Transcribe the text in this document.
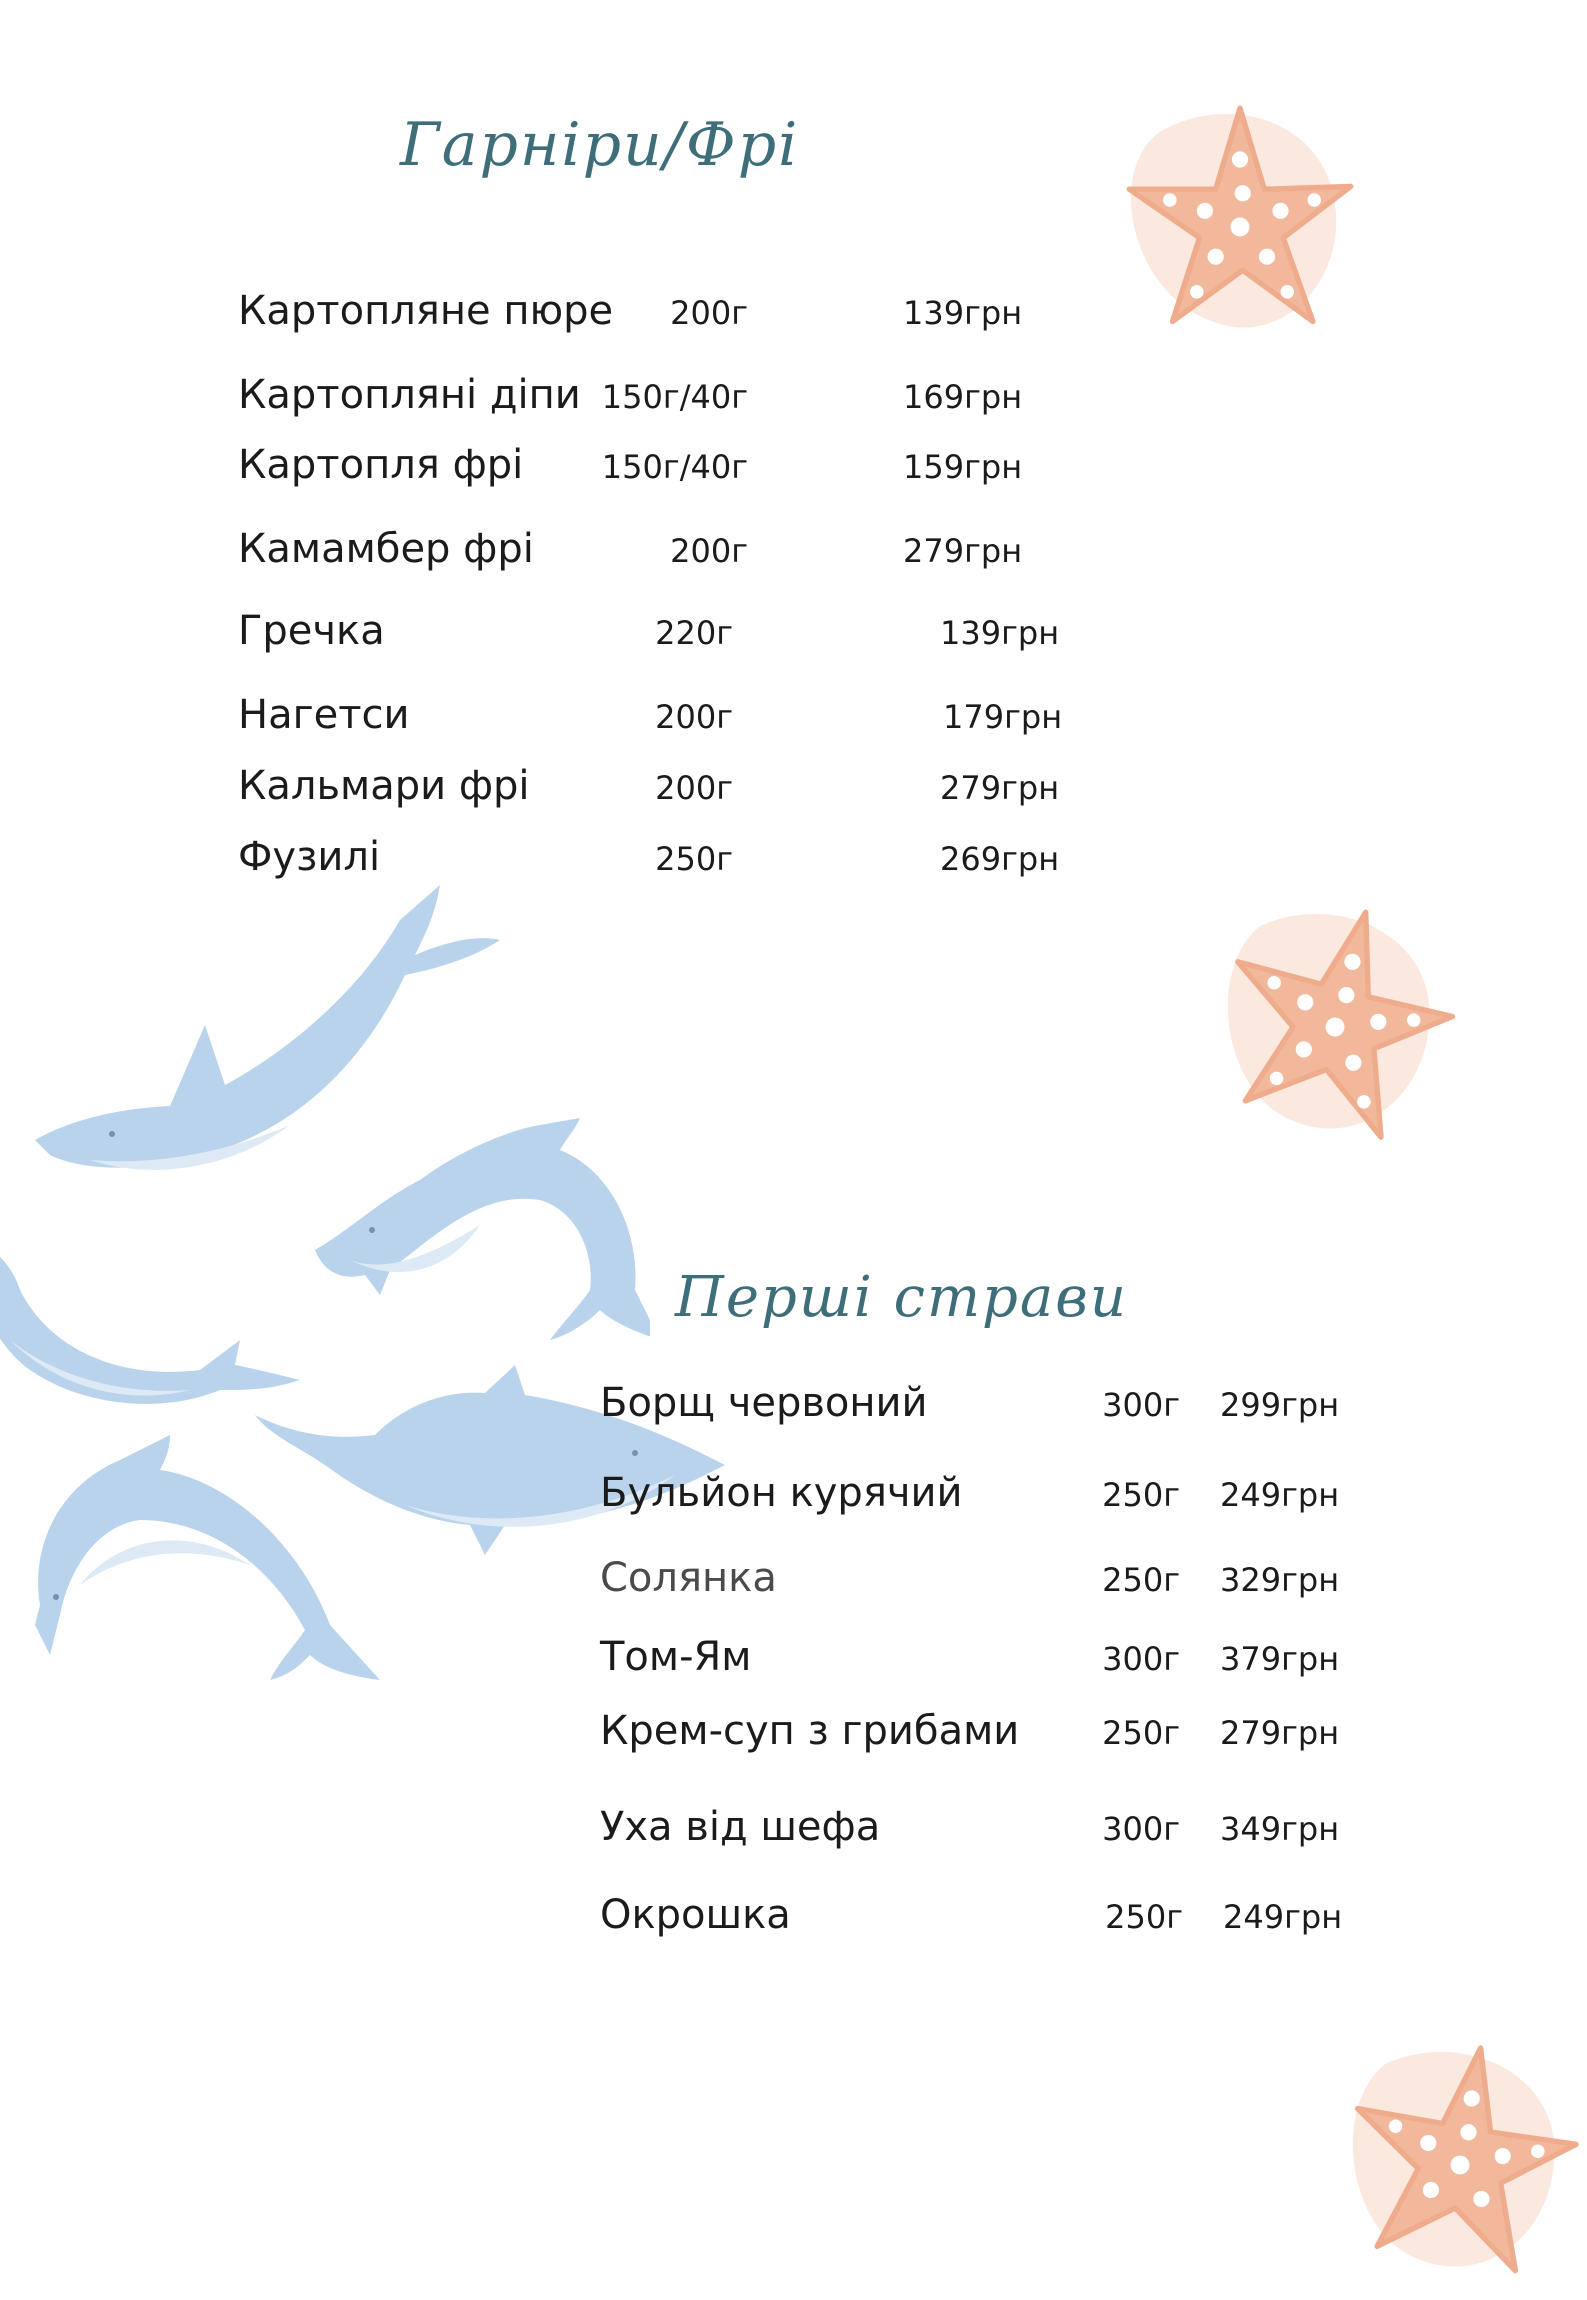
Гарніри/Фрі
Картопляне пюре 200г	139грн
Картопляні діпи 150г/40г	169грн
Картопля фрі 150г/40г	159грн
Камамбер фрі	200г	279грн
Гречка	220г	139грн
Нагетси	200г	179грн
Кальмари фрі	200г	279грн
Фузилі	250г	269грн
Перші страви
Борщ червоний	300г 299грн
Бульйон курячий	250г 249грн
Солянка	250г 329грн
Том-Ям	300г 379грн
Крем-суп з грибами	250г 279грн
Уха від шефа	300г 349грн
Окрошка	250г 249грн
